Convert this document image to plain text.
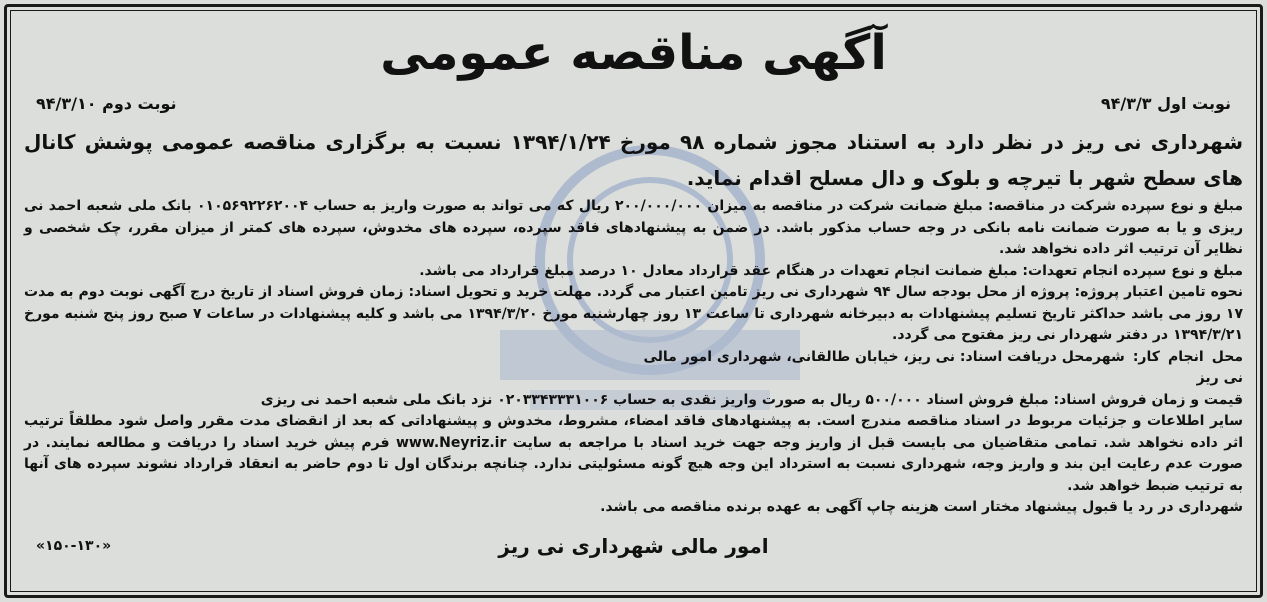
آگهی مناقصه عمومی
نوبت اول ۹۴/۳/۳
نوبت دوم ۹۴/۳/۱۰

شهرداری نی ریز در نظر دارد به استناد مجوز شماره ۹۸ مورخ ۱۳۹۴/۱/۲۴ نسبت به برگزاری مناقصه عمومی پوشش کانال های سطح شهر با تیرچه و بلوک و دال مسلح اقدام نماید.

مبلغ و نوع سپرده شرکت در مناقصه: مبلغ ضمانت شرکت در مناقصه به میزان ۲۰۰/۰۰۰/۰۰۰ ریال که می تواند به صورت واریز به حساب ۰۱۰۵۶۹۲۲۶۲۰۰۴ بانک ملی شعبه احمد نی ریزی و یا به صورت ضمانت نامه بانکی در وجه حساب مذکور باشد. در ضمن به پیشنهادهای فاقد سپرده، سپرده های مخدوش، سپرده های کمتر از میزان مقرر، چک شخصی و نظایر آن ترتیب اثر داده نخواهد شد.

مبلغ و نوع سپرده انجام تعهدات: مبلغ ضمانت انجام تعهدات در هنگام عقد قرارداد معادل ۱۰ درصد مبلغ قرارداد می باشد.

نحوه تامین اعتبار پروژه: پروژه از محل بودجه سال ۹۴ شهرداری نی ریز تامین اعتبار می گردد. مهلت خرید و تحویل اسناد: زمان فروش اسناد از تاریخ درج آگهی نوبت دوم به مدت ۱۷ روز می باشد حداکثر تاریخ تسلیم پیشنهادات به دبیرخانه شهرداری تا ساعت ۱۳ روز چهارشنبه مورخ ۱۳۹۴/۳/۲۰ می باشد و کلیه پیشنهادات در ساعات ۷ صبح روز پنج شنبه مورخ ۱۳۹۴/۳/۲۱ در دفتر شهردار نی ریز مفتوح می گردد.

محل انجام کار: شهر نی ریز
محل دریافت اسناد: نی ریز، خیابان طالقانی، شهرداری امور مالی

قیمت و زمان فروش اسناد: مبلغ فروش اسناد ۵۰۰/۰۰۰ ریال به صورت واریز نقدی به حساب ۰۲۰۳۳۴۳۳۳۱۰۰۶ نزد بانک ملی شعبه احمد نی ریزی

سایر اطلاعات و جزئیات مربوط در اسناد مناقصه مندرج است. به پیشنهادهای فاقد امضاء، مشروط، مخدوش و پیشنهاداتی که بعد از انقضای مدت مقرر واصل شود مطلقاً ترتیب اثر داده نخواهد شد. تمامی متقاضیان می بایست قبل از واریز وجه جهت خرید اسناد با مراجعه به سایت www.Neyriz.ir فرم پیش خرید اسناد را دریافت و مطالعه نمایند. در صورت عدم رعایت این بند و واریز وجه، شهرداری نسبت به استرداد این وجه هیچ گونه مسئولیتی ندارد. چنانچه برندگان اول تا دوم حاضر به انعقاد قرارداد نشوند سپرده های آنها به ترتیب ضبط خواهد شد.

شهرداری در رد یا قبول پیشنهاد مختار است هزینه چاپ آگهی به عهده برنده مناقصه می باشد.

امور مالی شهرداری نی ریز
«۱۵۰-۱۳۰»
